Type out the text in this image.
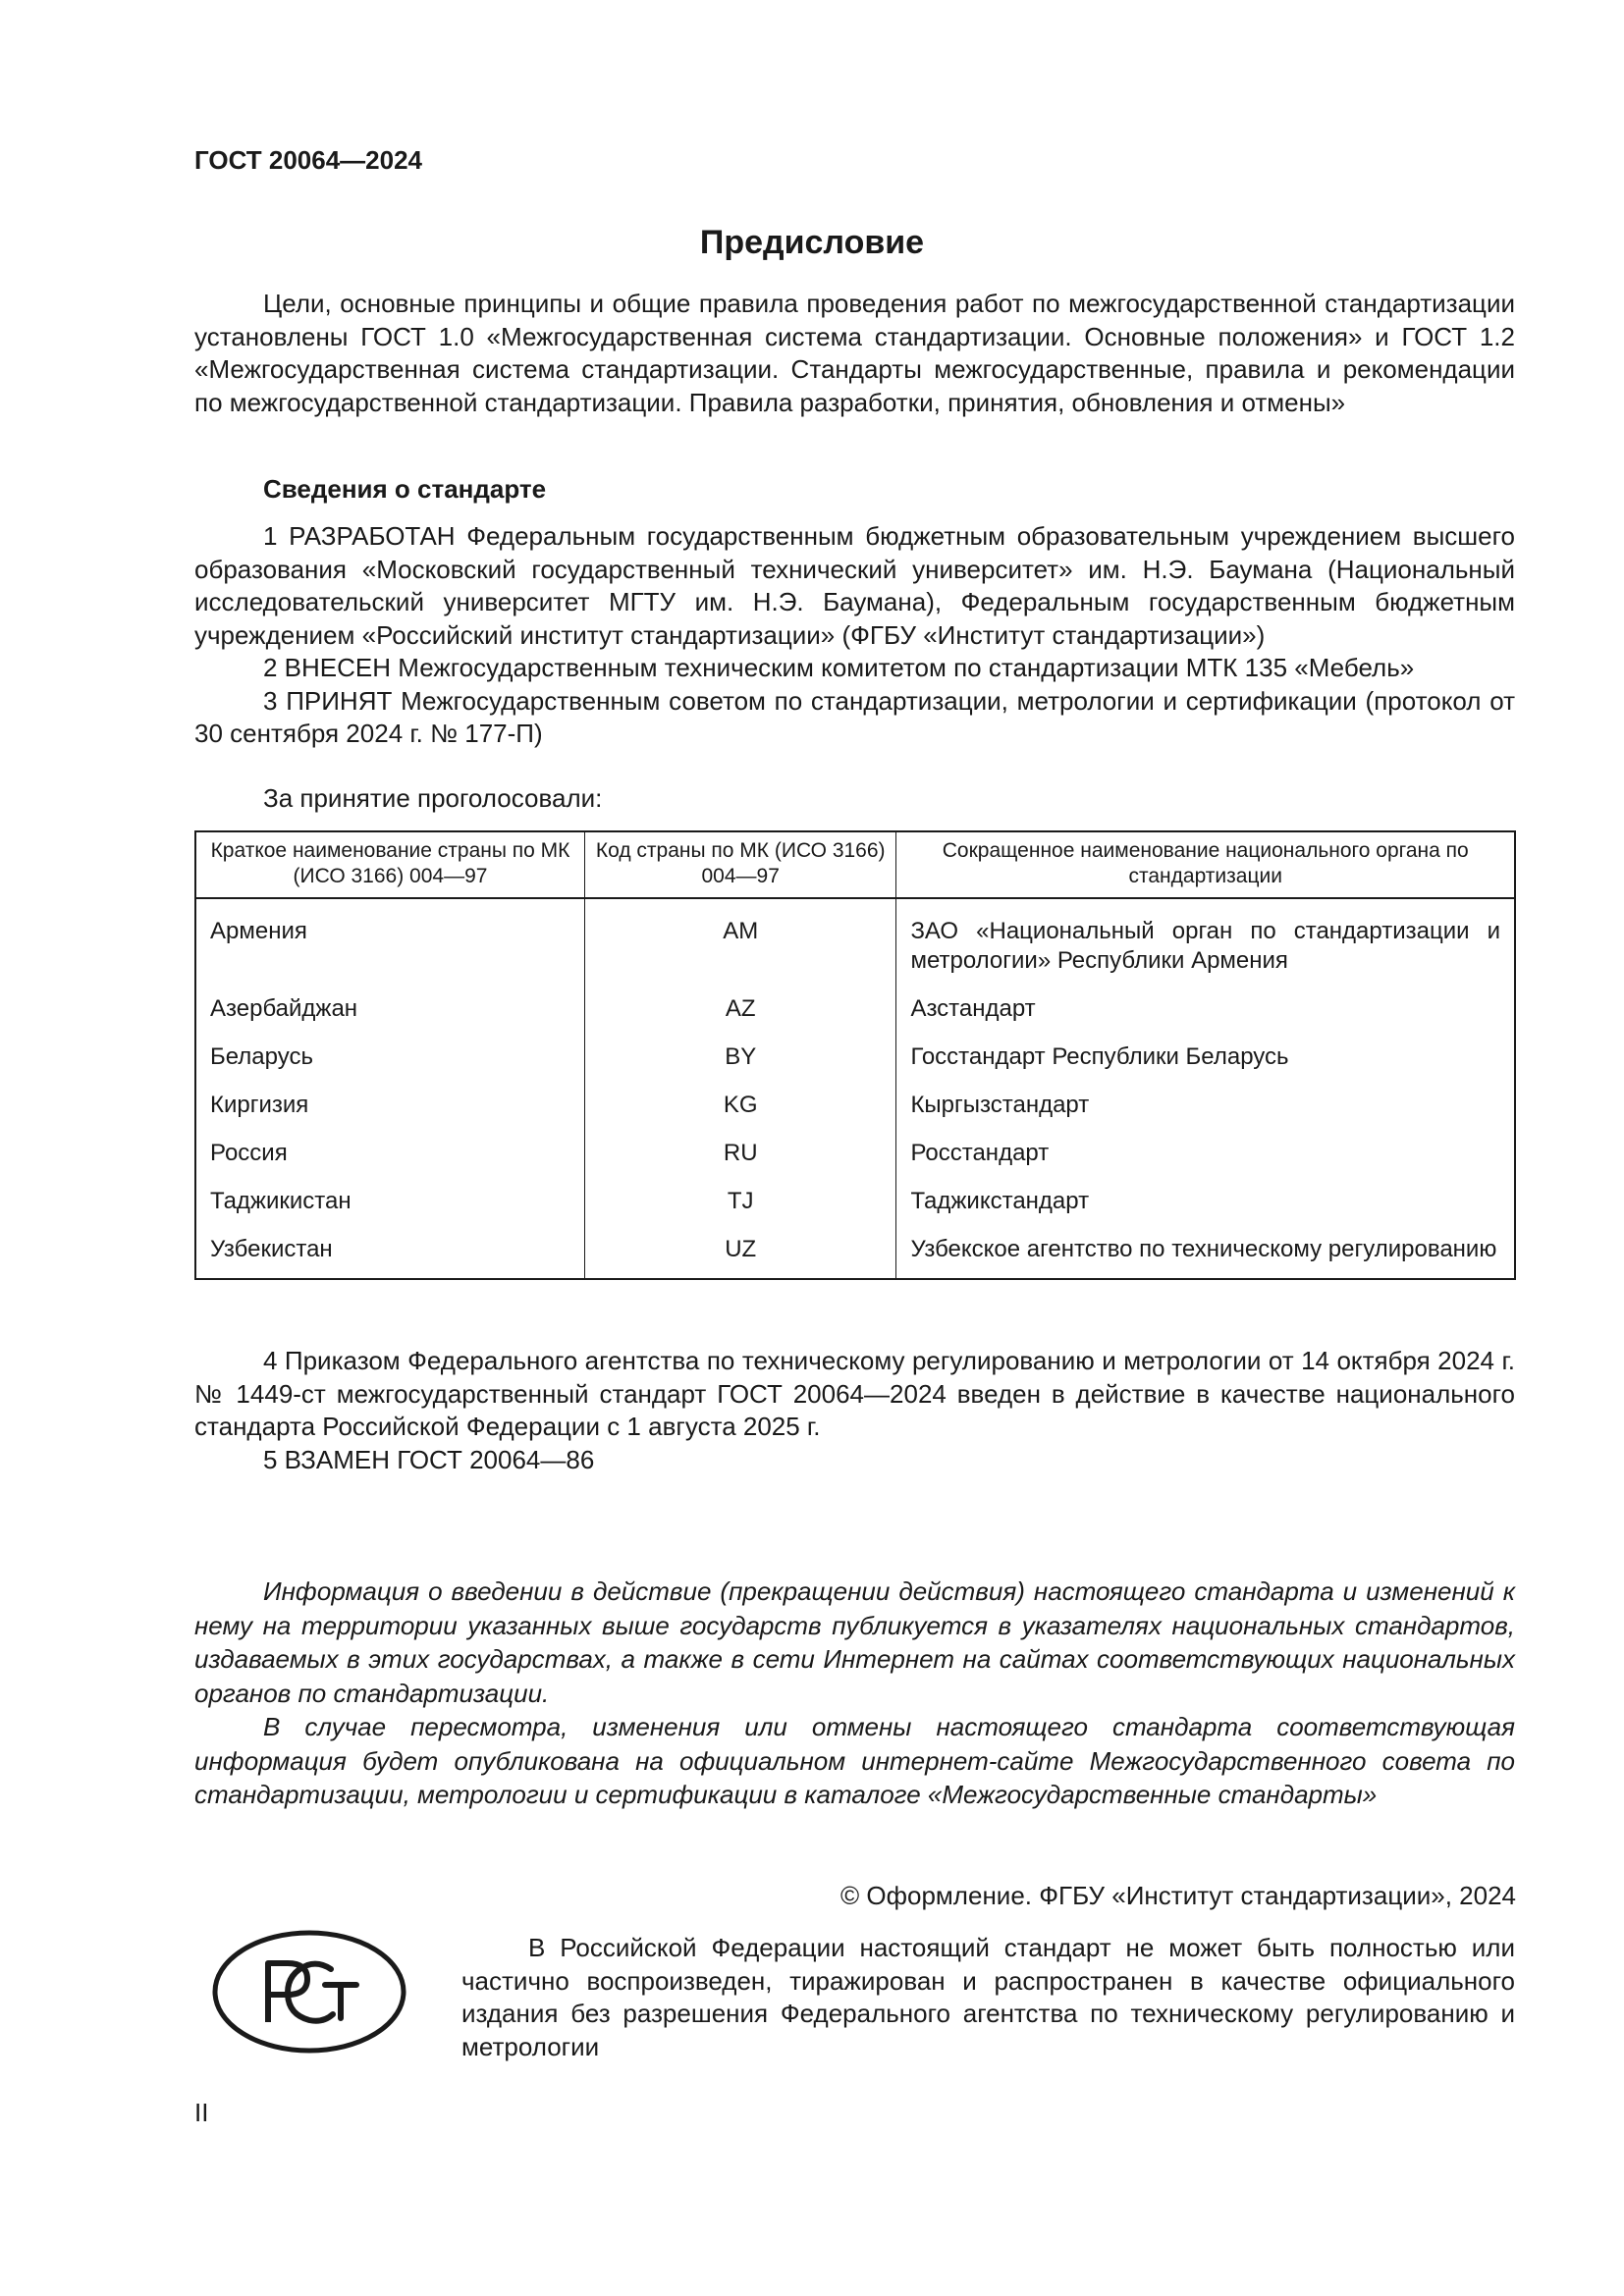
ГОСТ 20064—2024
Предисловие

Цели, основные принципы и общие правила проведения работ по межгосударственной стандартизации установлены ГОСТ 1.0 «Межгосударственная система стандартизации. Основные положения» и ГОСТ 1.2 «Межгосударственная система стандартизации. Стандарты межгосударственные, правила и рекомендации по межгосударственной стандартизации. Правила разработки, принятия, обновления и отмены»

Сведения о стандарте

1 РАЗРАБОТАН Федеральным государственным бюджетным образовательным учреждением высшего образования «Московский государственный технический университет» им. Н.Э. Баумана (Национальный исследовательский университет МГТУ им. Н.Э. Баумана), Федеральным государственным бюджетным учреждением «Российский институт стандартизации» (ФГБУ «Институт стандартизации»)

2 ВНЕСЕН Межгосударственным техническим комитетом по стандартизации МТК 135 «Мебель»

3 ПРИНЯТ Межгосударственным советом по стандартизации, метрологии и сертификации (протокол от 30 сентября 2024 г. № 177-П)

За принятие проголосовали:
Краткое наименование страны по МК (ИСО 3166) 004—97	Код страны по МК (ИСО 3166) 004—97	Сокращенное наименование национального органа по стандартизации
Армения	AM	ЗАО «Национальный орган по стандартизации и метрологии» Республики Армения
Азербайджан	AZ	Азстандарт
Беларусь	BY	Госстандарт Республики Беларусь
Киргизия	KG	Кыргызстандарт
Россия	RU	Росстандарт
Таджикистан	TJ	Таджикстандарт
Узбекистан	UZ	Узбекское агентство по техническому регулированию

4 Приказом Федерального агентства по техническому регулированию и метрологии от 14 октября 2024 г. № 1449-ст межгосударственный стандарт ГОСТ 20064—2024 введен в действие в качестве национального стандарта Российской Федерации с 1 августа 2025 г.

5 ВЗАМЕН ГОСТ 20064—86

Информация о введении в действие (прекращении действия) настоящего стандарта и изменений к нему на территории указанных выше государств публикуется в указателях национальных стандартов, издаваемых в этих государствах, а также в сети Интернет на сайтах соответствующих национальных органов по стандартизации.

В случае пересмотра, изменения или отмены настоящего стандарта соответствующая информация будет опубликована на официальном интернет-сайте Межгосударственного совета по стандартизации, метрологии и сертификации в каталоге «Межгосударственные стандарты»

© Оформление. ФГБУ «Институт стандартизации», 2024

В Российской Федерации настоящий стандарт не может быть полностью или частично воспроизведен, тиражирован и распространен в качестве официального издания без разрешения Федерального агентства по техническому регулированию и метрологии

II
